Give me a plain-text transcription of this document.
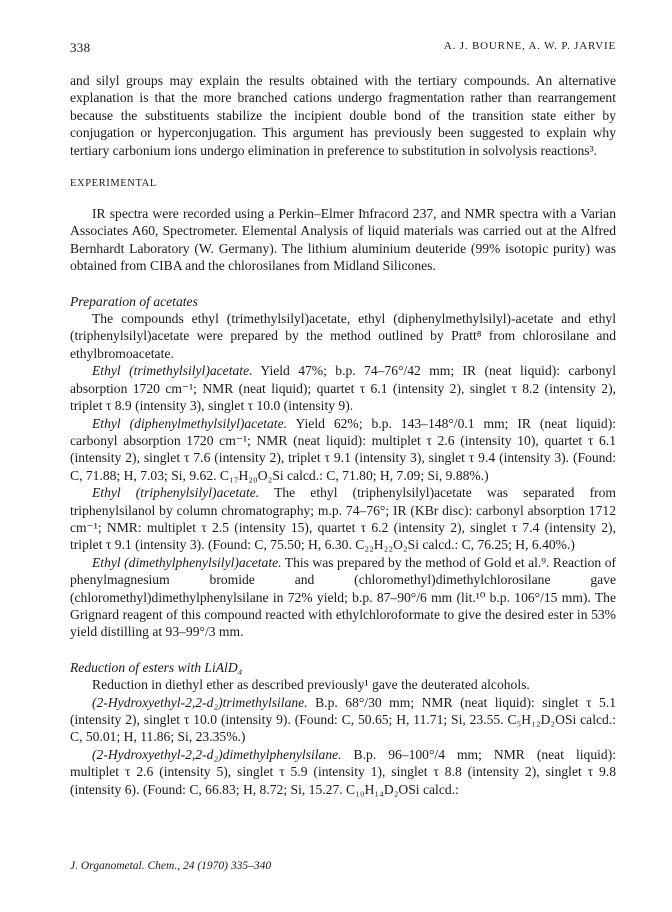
338	A. J. BOURNE, A. W. P. JARVIE

and silyl groups may explain the results obtained with the tertiary compounds. An alternative explanation is that the more branched cations undergo fragmentation rather than rearrangement because the substituents stabilize the incipient double bond of the transition state either by conjugation or hyperconjugation. This argument has previously been suggested to explain why tertiary carbonium ions undergo elimination in preference to substitution in solvolysis reactions³.

EXPERIMENTAL

IR spectra were recorded using a Perkin–Elmer Infracord 237, and NMR spectra with a Varian Associates A60, Spectrometer. Elemental Analysis of liquid materials was carried out at the Alfred Bernhardt Laboratory (W. Germany). The lithium aluminium deuteride (99% isotopic purity) was obtained from CIBA and the chlorosilanes from Midland Silicones.

Preparation of acetates

The compounds ethyl (trimethylsilyl)acetate, ethyl (diphenylmethylsilyl)-acetate and ethyl (triphenylsilyl)acetate were prepared by the method outlined by Pratt⁸ from chlorosilane and ethylbromoacetate.

Ethyl (trimethylsilyl)acetate. Yield 47%; b.p. 74–76°/42 mm; IR (neat liquid): carbonyl absorption 1720 cm⁻¹; NMR (neat liquid); quartet τ 6.1 (intensity 2), singlet τ 8.2 (intensity 2), triplet τ 8.9 (intensity 3), singlet τ 10.0 (intensity 9).

Ethyl (diphenylmethylsilyl)acetate. Yield 62%; b.p. 143–148°/0.1 mm; IR (neat liquid): carbonyl absorption 1720 cm⁻¹; NMR (neat liquid): multiplet τ 2.6 (intensity 10), quartet τ 6.1 (intensity 2), singlet τ 7.6 (intensity 2), triplet τ 9.1 (intensity 3), singlet τ 9.4 (intensity 3). (Found: C, 71.88; H, 7.03; Si, 9.62. C₁₇H₂₀O₂Si calcd.: C, 71.80; H, 7.09; Si, 9.88%.)

Ethyl (triphenylsilyl)acetate. The ethyl (triphenylsilyl)acetate was separated from triphenylsilanol by column chromatography; m.p. 74–76°; IR (KBr disc): carbonyl absorption 1712 cm⁻¹; NMR: multiplet τ 2.5 (intensity 15), quartet τ 6.2 (intensity 2), singlet τ 7.4 (intensity 2), triplet τ 9.1 (intensity 3). (Found: C, 75.50; H, 6.30. C₂₂H₂₂O₂Si calcd.: C, 76.25; H, 6.40%.)

Ethyl (dimethylphenylsilyl)acetate. This was prepared by the method of Gold et al.⁹. Reaction of phenylmagnesium bromide and (chloromethyl)dimethylchlorosilane gave (chloromethyl)dimethylphenylsilane in 72% yield; b.p. 87–90°/6 mm (lit.¹⁰ b.p. 106°/15 mm). The Grignard reagent of this compound reacted with ethylchloroformate to give the desired ester in 53% yield distilling at 93–99°/3 mm.

Reduction of esters with LiAlD₄

Reduction in diethyl ether as described previously¹ gave the deuterated alcohols.

(2-Hydroxyethyl-2,2-d₂)trimethylsilane. B.p. 68°/30 mm; NMR (neat liquid): singlet τ 5.1 (intensity 2), singlet τ 10.0 (intensity 9). (Found: C, 50.65; H, 11.71; Si, 23.55. C₅H₁₂D₂OSi calcd.: C, 50.01; H, 11.86; Si, 23.35%.)

(2-Hydroxyethyl-2,2-d₂)dimethylphenylsilane. B.p. 96–100°/4 mm; NMR (neat liquid): multiplet τ 2.6 (intensity 5), singlet τ 5.9 (intensity 1), singlet τ 8.8 (intensity 2), singlet τ 9.8 (intensity 6). (Found: C, 66.83; H, 8.72; Si, 15.27. C₁₀H₁₄D₂OSi calcd.:

J. Organometal. Chem., 24 (1970) 335–340
